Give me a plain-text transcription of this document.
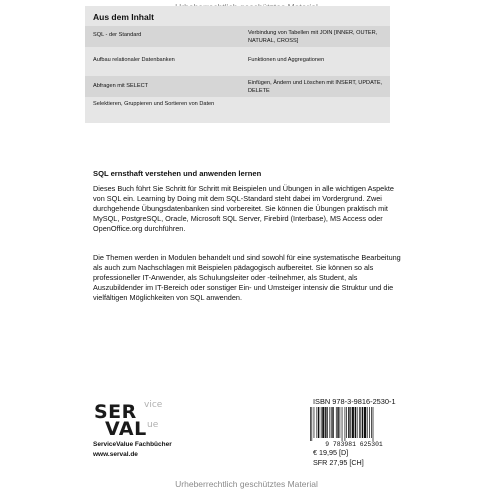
Aus dem Inhalt
SQL - der Standard
Aufbau relationaler Datenbanken
Abfragen mit SELECT
Selektieren, Gruppieren und Sortieren von Daten
Verbindung von Tabellen mit JOIN [INNER, OUTER, NATURAL, CROSS]
Funktionen und Aggregationen
Einfügen, Ändern und Löschen mit INSERT, UPDATE, DELETE
SQL ernsthaft verstehen und anwenden lernen
Dieses Buch führt Sie Schritt für Schritt mit Beispielen und Übungen in alle wichtigen Aspekte von SQL ein. Learning by Doing mit dem SQL-Standard steht dabei im Vordergrund. Zwei durchgehende Übungsdatenbanken sind vorbereitet. Sie können die Übungen praktisch mit MySQL, PostgreSQL, Oracle, Microsoft SQL Server, Firebird (Interbase), MS Access oder OpenOffice.org durchführen.
Die Themen werden in Modulen behandelt und sind sowohl für eine systematische Bearbeitung als auch zum Nachschlagen mit Beispielen pädagogisch aufbereitet. Sie können so als professioneller IT-Anwender, als Schulungsleiter oder -teilnehmer, als Student, als Auszubildender im IT-Bereich oder sonstiger Ein- und Umsteiger intensiv die Struktur und die vielfältigen Möglichkeiten von SQL anwenden.
SER vice
VAL ue
ServiceValue Fachbücher
www.serval.de
ISBN 978-3-9816-2530-1
9 783981 625301
€ 19,95 [D]
SFR 27,95 [CH]
Urheberrechtlich geschütztes Material
